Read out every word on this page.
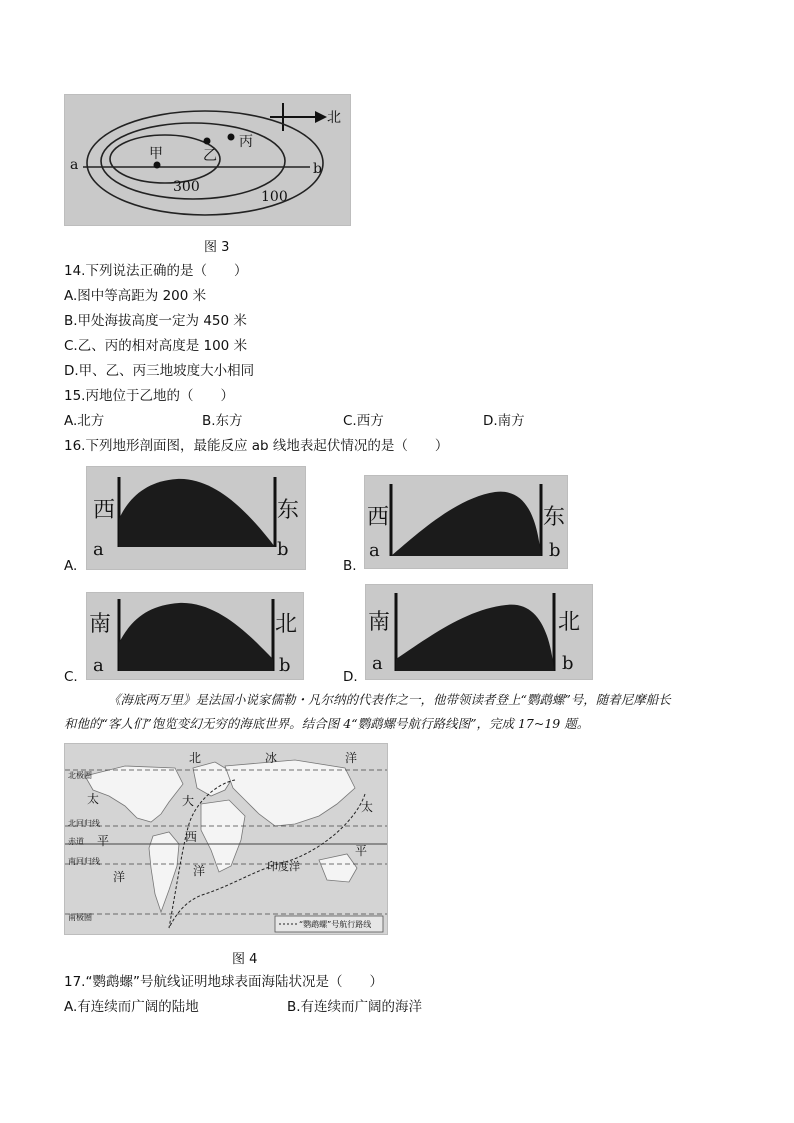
北
a	b
甲	乙
丙
300
100
图 3
14.下列说法正确的是（　　）
A.图中等高距为 200 米
B.甲处海拔高度一定为 450 米
C.乙、丙的相对高度是 100 米
D.甲、乙、丙三地坡度大小相同
15.丙地位于乙地的（　　）
A.北方	B.东方	C.西方	D.南方
16.下列地形剖面图，最能反应 ab 线地表起伏情况的是（　　）
A.
西	东
a	b
B.
西	东
a	b
C.
南	北
a	b
D.
南	北
a	b
《海底两万里》是法国小说家儒勒・凡尔纳的代表作之一，他带领读者登上“鹦鹉螺”号，随着尼摩船长
和他的“客人们”饱览变幻无穷的海底世界。结合图 4“鹦鹉螺号航行路线图”，完成 17~19 题。
北	冰	洋
北极圈
北回归线
赤道
南回归线
南极圈
太
平
洋
大
西
洋
太
平
印度洋
“鹦鹉螺”号航行路线
图 4
17.“鹦鹉螺”号航线证明地球表面海陆状况是（　　）
A.有连续而广阔的陆地	B.有连续而广阔的海洋
